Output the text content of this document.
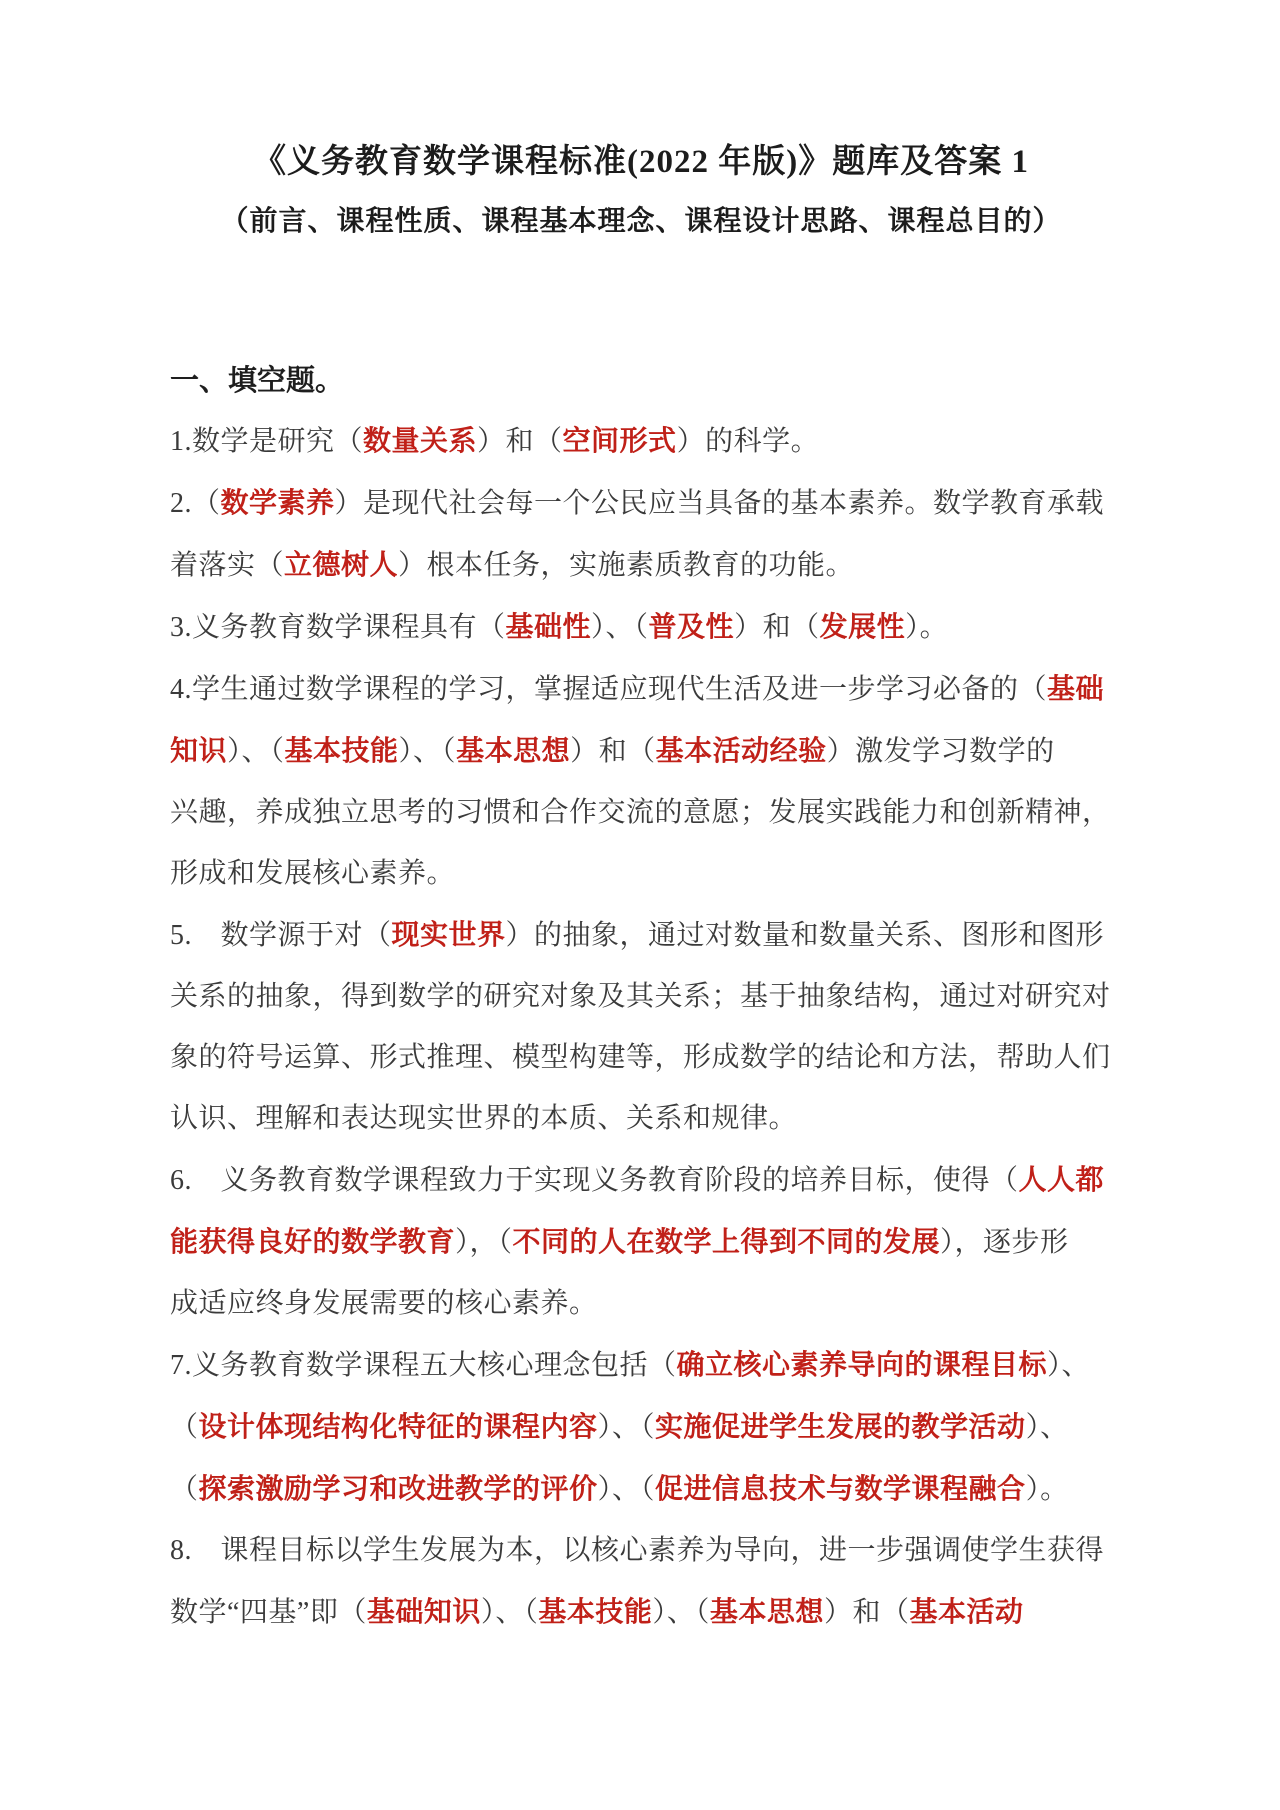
《义务教育数学课程标准(2022 年版)》题库及答案 1
（前言、课程性质、课程基本理念、课程设计思路、课程总目的）
一、填空题。
1.数学是研究（数量关系）和（空间形式）的科学。
2.（数学素养）是现代社会每一个公民应当具备的基本素养。数学教育承载
着落实（立德树人）根本任务，实施素质教育的功能。
3.义务教育数学课程具有（基础性）、（普及性）和（发展性）。
4.学生通过数学课程的学习，掌握适应现代生活及进一步学习必备的（基础
知识）、（基本技能）、（基本思想）和（基本活动经验）激发学习数学的
兴趣，养成独立思考的习惯和合作交流的意愿；发展实践能力和创新精神，
形成和发展核心素养。
5.　数学源于对（现实世界）的抽象，通过对数量和数量关系、图形和图形
关系的抽象，得到数学的研究对象及其关系；基于抽象结构，通过对研究对
象的符号运算、形式推理、模型构建等，形成数学的结论和方法，帮助人们
认识、理解和表达现实世界的本质、关系和规律。
6.　义务教育数学课程致力于实现义务教育阶段的培养目标，使得（人人都
能获得良好的数学教育），（不同的人在数学上得到不同的发展），逐步形
成适应终身发展需要的核心素养。
7.义务教育数学课程五大核心理念包括（确立核心素养导向的课程目标）、
（设计体现结构化特征的课程内容）、（实施促进学生发展的教学活动）、
（探索激励学习和改进教学的评价）、（促进信息技术与数学课程融合）。
8.　课程目标以学生发展为本，以核心素养为导向，进一步强调使学生获得
数学“四基”即（基础知识）、（基本技能）、（基本思想）和（基本活动
